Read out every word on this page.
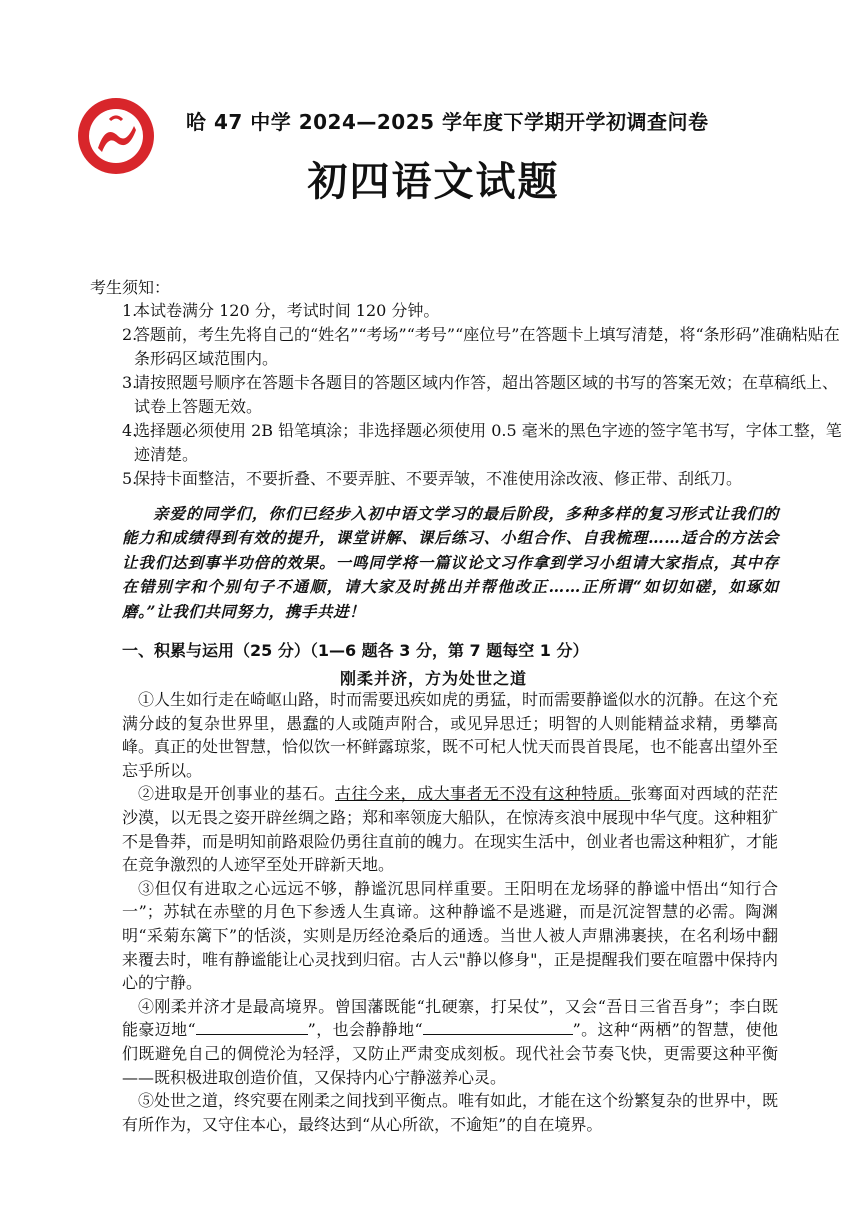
1963
哈 47 中学 2024—2025 学年度下学期开学初调查问卷
初四语文试题
考生须知：
1.
本试卷满分 120 分，考试时间 120 分钟。
2.
答题前，考生先将自己的“姓名”“考场”“考号”“座位号”在答题卡上填写清楚，将“条形码”准确粘贴在条形码区域范围内。
3.
请按照题号顺序在答题卡各题目的答题区域内作答，超出答题区域的书写的答案无效；在草稿纸上、试卷上答题无效。
4.
选择题必须使用 2B 铅笔填涂；非选择题必须使用 0.5 毫米的黑色字迹的签字笔书写，字体工整，笔迹清楚。
5.
保持卡面整洁，不要折叠、不要弄脏、不要弄皱，不准使用涂改液、修正带、刮纸刀。
亲爱的同学们，你们已经步入初中语文学习的最后阶段，多种多样的复习形式让我们的能力和成绩得到有效的提升，课堂讲解、课后练习、小组合作、自我梳理……适合的方法会让我们达到事半功倍的效果。一鸣同学将一篇议论文习作拿到学习小组请大家指点，其中存在错别字和个别句子不通顺，请大家及时挑出并帮他改正……正所谓“如切如磋，如琢如磨。”让我们共同努力，携手共进！
一、积累与运用（25 分）（1—6 题各 3 分，第 7 题每空 1 分）
刚柔并济，方为处世之道

①人生如行走在崎岖山路，时而需要迅疾如虎的勇猛，时而需要静谧似水的沉静。在这个充满分歧的复杂世界里，愚蠢的人或随声附合，或见异思迁；明智的人则能精益求精，勇攀高峰。真正的处世智慧，恰似饮一杯鲜露琼浆，既不可杞人忧天而畏首畏尾，也不能喜出望外至忘乎所以。

②进取是开创事业的基石。古往今来，成大事者无不没有这种特质。张骞面对西域的茫茫沙漠，以无畏之姿开辟丝绸之路；郑和率领庞大船队，在惊涛亥浪中展现中华气度。这种粗犷不是鲁莽，而是明知前路艰险仍勇往直前的魄力。在现实生活中，创业者也需这种粗犷，才能在竞争激烈的人迹罕至处开辟新天地。

③但仅有进取之心远远不够，静谧沉思同样重要。王阳明在龙场驿的静谧中悟出“知行合一”；苏轼在赤壁的月色下参透人生真谛。这种静谧不是逃避，而是沉淀智慧的必需。陶渊明“采菊东篱下”的恬淡，实则是历经沧桑后的通透。当世人被人声鼎沸裹挟，在名利场中翻来覆去时，唯有静谧能让心灵找到归宿。古人云"静以修身"，正是提醒我们要在喧嚣中保持内心的宁静。

④刚柔并济才是最高境界。曾国藩既能“扎硬寨，打呆仗”，又会“吾日三省吾身”；李白既能豪迈地“	”，也会静静地“	”。这种“两栖”的智慧，使他们既避免自己的倜傥沦为轻浮，又防止严肃变成刻板。现代社会节奏飞快，更需要这种平衡——既积极进取创造价值，又保持内心宁静滋养心灵。

⑤处世之道，终究要在刚柔之间找到平衡点。唯有如此，才能在这个纷繁复杂的世界中，既有所作为，又守住本心，最终达到“从心所欲，不逾矩”的自在境界。
